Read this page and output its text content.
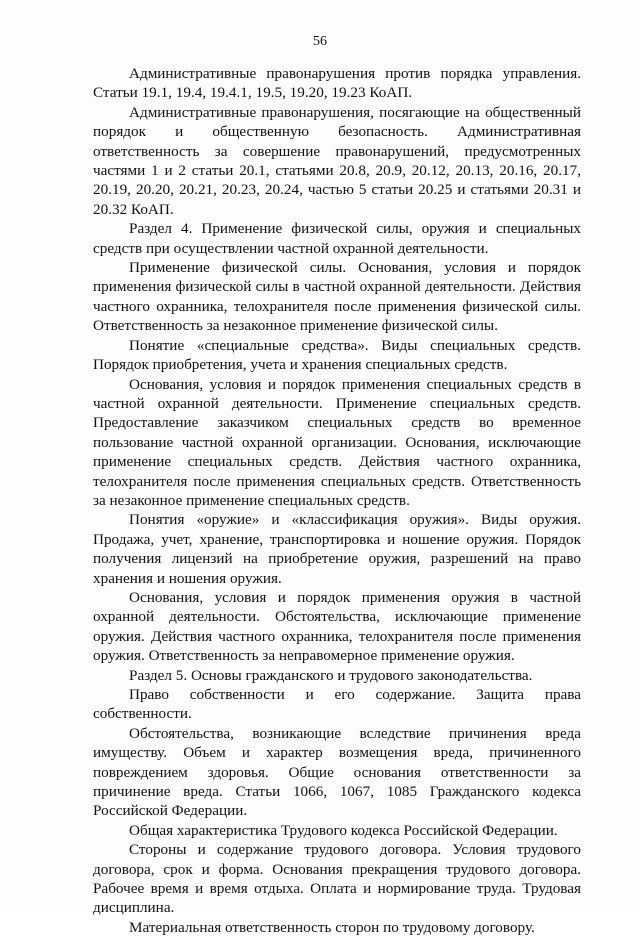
56

Административные правонарушения против порядка управления. Статьи 19.1, 19.4, 19.4.1, 19.5, 19.20, 19.23 КоАП.

Административные правонарушения, посягающие на общественный порядок и общественную безопасность. Административная ответственность за совершение правонарушений, предусмотренных частями 1 и 2 статьи 20.1, статьями 20.8, 20.9, 20.12, 20.13, 20.16, 20.17, 20.19, 20.20, 20.21, 20.23, 20.24, частью 5 статьи 20.25 и статьями 20.31 и 20.32 КоАП.

Раздел 4. Применение физической силы, оружия и специальных средств при осуществлении частной охранной деятельности.

Применение физической силы. Основания, условия и порядок применения физической силы в частной охранной деятельности. Действия частного охранника, телохранителя после применения физической силы. Ответственность за незаконное применение физической силы.

Понятие «специальные средства». Виды специальных средств. Порядок приобретения, учета и хранения специальных средств.

Основания, условия и порядок применения специальных средств в частной охранной деятельности. Применение специальных средств. Предоставление заказчиком специальных средств во временное пользование частной охранной организации. Основания, исключающие применение специальных средств. Действия частного охранника, телохранителя после применения специальных средств. Ответственность за незаконное применение специальных средств.

Понятия «оружие» и «классификация оружия». Виды оружия. Продажа, учет, хранение, транспортировка и ношение оружия. Порядок получения лицензий на приобретение оружия, разрешений на право хранения и ношения оружия.

Основания, условия и порядок применения оружия в частной охранной деятельности. Обстоятельства, исключающие применение оружия. Действия частного охранника, телохранителя после применения оружия. Ответственность за неправомерное применение оружия.

Раздел 5. Основы гражданского и трудового законодательства.

Право собственности и его содержание. Защита права собственности.

Обстоятельства, возникающие вследствие причинения вреда имуществу. Объем и характер возмещения вреда, причиненного повреждением здоровья. Общие основания ответственности за причинение вреда. Статьи 1066, 1067, 1085 Гражданского кодекса Российской Федерации.

Общая характеристика Трудового кодекса Российской Федерации.

Стороны и содержание трудового договора. Условия трудового договора, срок и форма. Основания прекращения трудового договора. Рабочее время и время отдыха. Оплата и нормирование труда. Трудовая дисциплина.

Материальная ответственность сторон по трудовому договору.
